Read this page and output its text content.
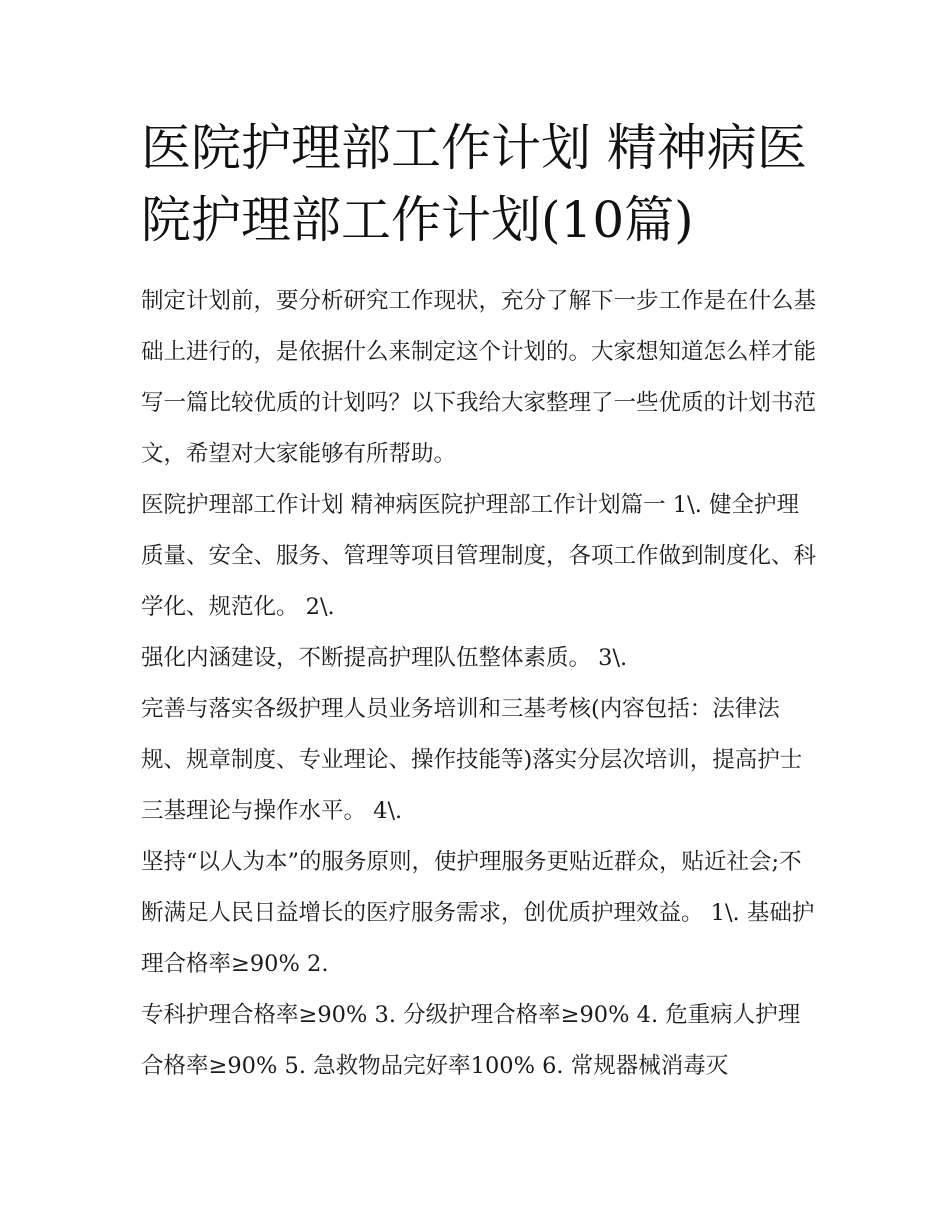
医院护理部工作计划 精神病医院护理部工作计划(10篇)

制定计划前，要分析研究工作现状，充分了解下一步工作是在什么基础上进行的，是依据什么来制定这个计划的。大家想知道怎么样才能写一篇比较优质的计划吗？以下我给大家整理了一些优质的计划书范文，希望对大家能够有所帮助。

医院护理部工作计划 精神病医院护理部工作计划篇一 1\. 健全护理质量、安全、服务、管理等项目管理制度，各项工作做到制度化、科学化、规范化。 2\.

强化内涵建设，不断提高护理队伍整体素质。 3\.

完善与落实各级护理人员业务培训和三基考核(内容包括：法律法规、规章制度、专业理论、操作技能等)落实分层次培训，提高护士三基理论与操作水平。 4\.

坚持“以人为本”的服务原则，使护理服务更贴近群众，贴近社会;不断满足人民日益增长的医疗服务需求，创优质护理效益。 1\. 基础护理合格率≥90% 2.

专科护理合格率≥90% 3. 分级护理合格率≥90% 4. 危重病人护理合格率≥90% 5. 急救物品完好率100% 6. 常规器械消毒灭
